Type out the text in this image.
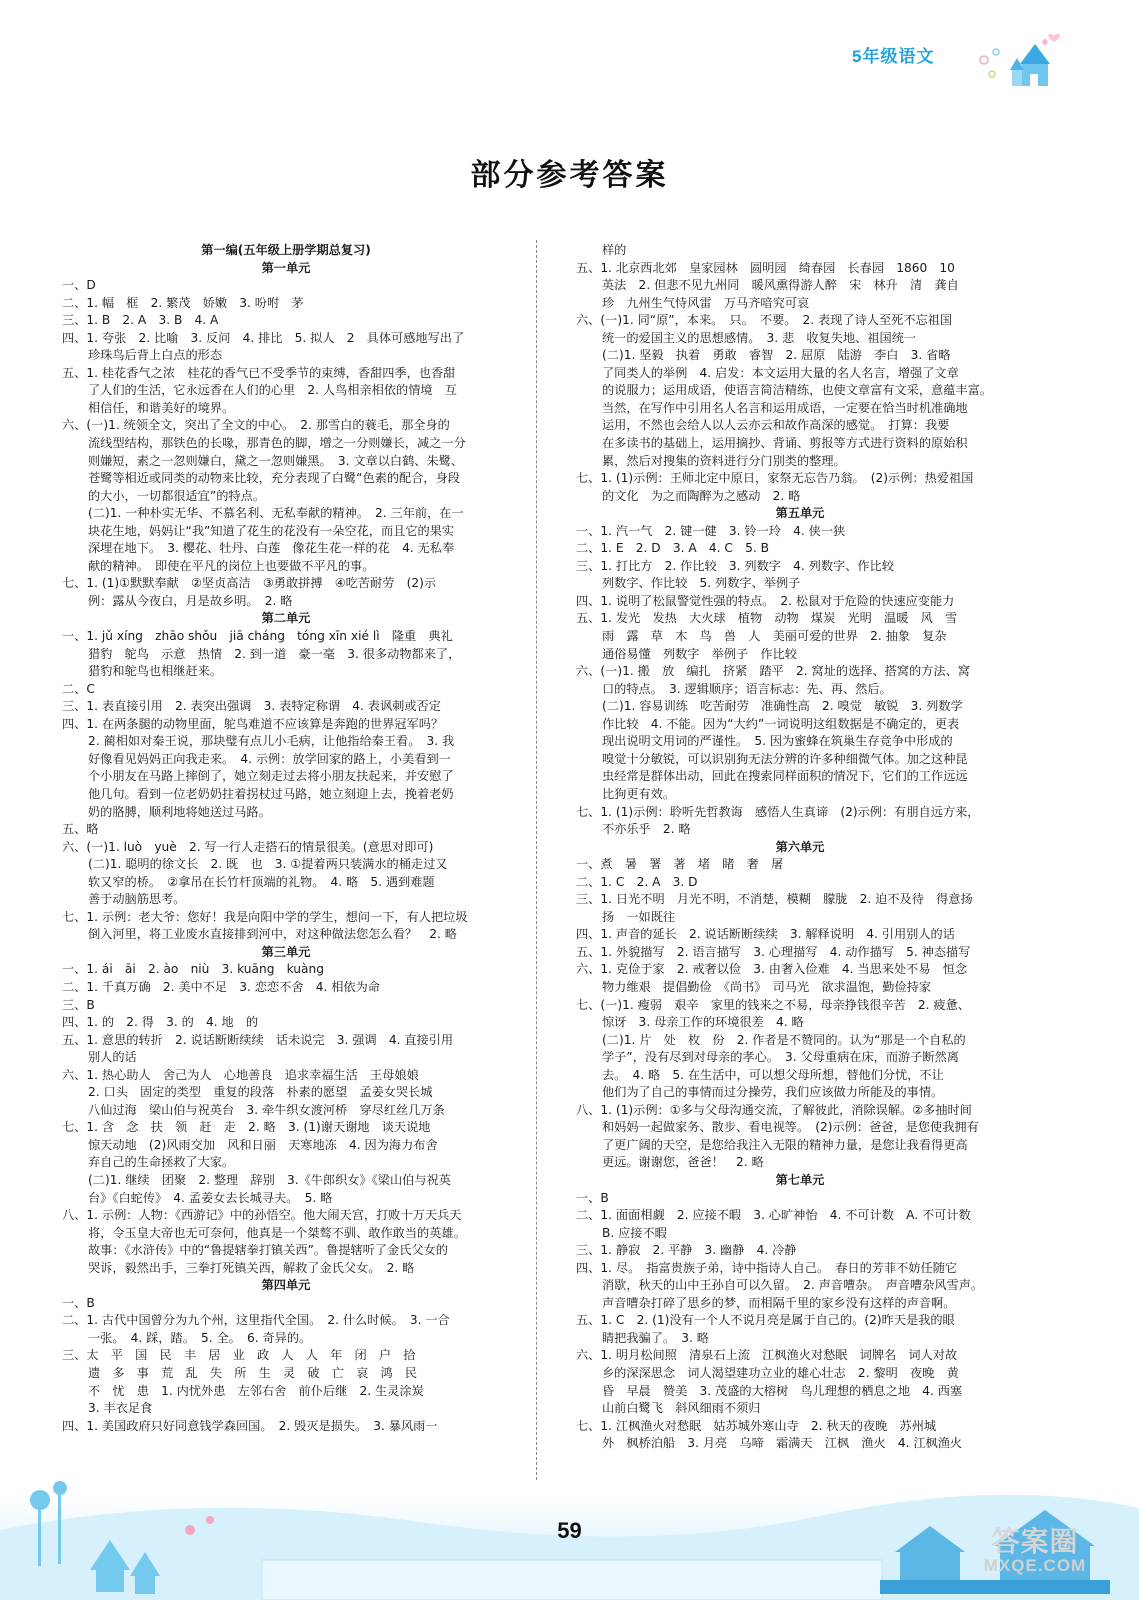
5年级语文
部分参考答案
第一编(五年级上册学期总复习)
第一单元
一、D
二、1. 幅　框　2. 繁茂　娇嫩　3. 吩咐　茅
三、1. B　2. A　3. B　4. A
四、1. 夸张　2. 比喻　3. 反问　4. 排比　5. 拟人　2　具体可感地写出了
珍珠鸟后背上白点的形态
五、1. 桂花香气之浓　桂花的香气已不受季节的束缚，香甜四季，也香甜
了人们的生活，它永远香在人们的心里　2. 人鸟相亲相依的情境　互
相信任，和谐美好的境界。
六、(一)1. 统领全文，突出了全文的中心。　2. 那雪白的蓑毛，那全身的
流线型结构，那铁色的长喙，那青色的脚，增之一分则嫌长，减之一分
则嫌短，素之一忽则嫌白，黛之一忽则嫌黑。　3. 文章以白鹤、朱鹭、
苍鹭等相近或同类的动物来比较，充分表现了白鹭“色素的配合，身段
的大小，一切都很适宜”的特点。
(二)1. 一种朴实无华、不慕名利、无私奉献的精神。　2. 三年前，在一
块花生地，妈妈让“我”知道了花生的花没有一朵空花，而且它的果实
深埋在地下。　3. 樱花、牡丹、白莲　像花生花一样的花　4. 无私奉
献的精神。　即使在平凡的岗位上也要做不平凡的事。
七、1. (1)①默默奉献　②坚贞高洁　③勇敢拼搏　④吃苦耐劳　(2)示
例：露从今夜白，月是故乡明。　2. 略
第二单元
一、1. jǔ xíng　zhāo shǒu　jiā cháng　tóng xīn xié lì　隆重　典礼
猎豹　鸵鸟　示意　热情　2. 到一道　豪一毫　3. 很多动物都来了，
猎豹和鸵鸟也相继赶来。
二、C
三、1. 表直接引用　2. 表突出强调　3. 表特定称谓　4. 表讽刺或否定
四、1. 在两条腿的动物里面，鸵鸟难道不应该算是奔跑的世界冠军吗？
2. 蔺相如对秦王说，那块璧有点儿小毛病，让他指给秦王看。　3. 我
好像看见妈妈正向我走来。　4. 示例：放学回家的路上，小美看到一
个小朋友在马路上摔倒了，她立刻走过去将小朋友扶起来，并安慰了
他几句。看到一位老奶奶拄着拐杖过马路，她立刻迎上去，挽着老奶
奶的胳膊，顺利地将她送过马路。
五、略
六、(一)1. luò　yuè　2. 写一行人走搭石的情景很美。(意思对即可)
(二)1. 聪明的徐文长　2. 既　也　3. ①提着两只装满水的桶走过又
软又窄的桥。　②拿吊在长竹杆顶端的礼物。　4. 略　5. 遇到难题
善于动脑筋思考。
七、1. 示例：老大爷：您好！我是向阳中学的学生，想问一下，有人把垃圾
倒入河里，将工业废水直接排到河中，对这种做法您怎么看？　2. 略
第三单元
一、1. ái　āi　2. ào　niù　3. kuāng　kuàng
二、1. 千真万确　2. 美中不足　3. 恋恋不舍　4. 相依为命
三、B
四、1. 的　2. 得　3. 的　4. 地　的
五、1. 意思的转折　2. 说话断断续续　话未说完　3. 强调　4. 直接引用
别人的话
六、1. 热心助人　舍己为人　心地善良　追求幸福生活　王母娘娘
2. 口头　固定的类型　重复的段落　朴素的愿望　孟姜女哭长城
八仙过海　梁山伯与祝英台　3. 牵牛织女渡河桥　穿尽红丝几万条
七、1. 含　念　扶　领　赶　走　2. 略　3. (1)谢天谢地　谈天说地
惊天动地　(2)风雨交加　风和日丽　天寒地冻　4. 因为海力布舍
弃自己的生命拯救了大家。
(二)1. 继续　团聚　2. 整理　辞别　3.《牛郎织女》《梁山伯与祝英
台》《白蛇传》　4. 孟姜女去长城寻夫。　5. 略
八、1. 示例：人物：《西游记》中的孙悟空。他大闹天宫，打败十万天兵天
将，令玉皇大帝也无可奈何，他真是一个桀骜不驯、敢作敢当的英雄。
故事：《水浒传》中的“鲁提辖拳打镇关西”。鲁提辖听了金氏父女的
哭诉，毅然出手，三拳打死镇关西，解救了金氏父女。　2. 略
第四单元
一、B
二、1. 古代中国曾分为九个州，这里指代全国。　2. 什么时候。　3. 一合
一张。　4. 踩，踏。　5. 全。　6. 奇异的。
三、太　平　国　民　丰　居　业　政　人　人　年　闭　户　拾
遗　多　事　荒　乱　失　所　生　灵　破　亡　哀　鸿　民
不　忧　患　1. 内忧外患　左邻右舍　前仆后继　2. 生灵涂炭
3. 丰衣足食
四、1. 美国政府只好同意钱学森回国。　2. 毁灭是损失。　3. 暴风雨一
样的
五、1. 北京西北郊　皇家园林　圆明园　绮春园　长春园　1860　10
英法　2. 但悲不见九州同　暖风熏得游人醉　宋　林升　清　龚自
珍　九州生气恃风雷　万马齐喑究可哀
六、(一)1. 同“原”，本来。　只。　不要。　2. 表现了诗人至死不忘祖国
统一的爱国主义的思想感情。　3. 悲　收复失地、祖国统一
(二)1. 坚毅　执着　勇敢　睿智　2. 屈原　陆游　李白　3. 省略
了同类人的举例　4. 启发：本文运用大量的名人名言，增强了文章
的说服力；运用成语，使语言简洁精练，也使文章富有文采，意蕴丰富。
当然，在写作中引用名人名言和运用成语，一定要在恰当时机准确地
运用，不然也会给人以人云亦云和故作高深的感觉。　打算：我要
在多读书的基础上，运用摘抄、背诵、剪报等方式进行资料的原始积
累，然后对搜集的资料进行分门别类的整理。
七、1. (1)示例：王师北定中原日，家祭无忘告乃翁。　(2)示例：热爱祖国
的文化　为之而陶醉为之感动　2. 略
第五单元
一、1. 汽一气　2. 键一健　3. 铃一玲　4. 侠一狭
二、1. E　2. D　3. A　4. C　5. B
三、1. 打比方　2. 作比较　3. 列数字　4. 列数字、作比较
列数字、作比较　5. 列数字、举例子
四、1. 说明了松鼠警觉性强的特点。　2. 松鼠对于危险的快速应变能力
五、1. 发光　发热　大火球　植物　动物　煤炭　光明　温暖　风　雪
雨　露　草　木　鸟　兽　人　美丽可爱的世界　2. 抽象　复杂
通俗易懂　列数字　举例子　作比较
六、(一)1. 搬　放　编扎　挤紧　踏平　2. 窝址的选择、搭窝的方法、窝
口的特点。　3. 逻辑顺序；语言标志：先、再、然后。
(二)1. 容易训练　吃苦耐劳　准确性高　2. 嗅觉　敏锐　3. 列数学
作比较　4. 不能。因为“大约”一词说明这组数据是不确定的，更表
现出说明文用词的严谨性。　5. 因为蜜蜂在筑巢生存竞争中形成的
嗅觉十分敏锐，可以识别狗无法分辨的许多种细微气体。加之这种昆
虫经常是群体出动，回此在搜索同样面积的情况下，它们的工作远远
比狗更有效。
七、1. (1)示例：聆听先哲教诲　感悟人生真谛　(2)示例：有朋自远方来，
不亦乐乎　2. 略
第六单元
一、煮　暑　署　著　堵　睹　奢　屠
二、1. C　2. A　3. D
三、1. 日光不明　月光不明，不消楚，模糊　朦胧　2. 迫不及待　得意扬
扬　一如既往
四、1. 声音的延长　2. 说话断断续续　3. 解释说明　4. 引用别人的话
五、1. 外貌描写　2. 语言描写　3. 心理描写　4. 动作描写　5. 神态描写
六、1. 克俭于家　2. 戒奢以俭　3. 由奢入俭难　4. 当思来处不易　恒念
物力维艰　提倡勤俭　《尚书》　司马光　欲求温饱，勤俭持家
七、(一)1. 瘦弱　艰辛　家里的钱来之不易，母亲挣钱很辛苦　2. 疲惫、
惊讶　3. 母亲工作的环境很差　4. 略
(二)1. 片　处　枚　份　2. 作者是不赞同的。认为“那是一个自私的
学子”，没有尽到对母亲的孝心。　3. 父母重病在床，而游子断然离
去。　4. 略　5. 在生活中，可以想父母所想，替他们分忧，不让
他们为了自己的事情而过分操劳，我们应该做力所能及的事情。
八、1. (1)示例：①多与父母沟通交流，了解彼此，消除误解。②多抽时间
和妈妈一起做家务、散步、看电视等。　(2)示例：爸爸，是您使我拥有
了更广阔的天空，是您给我注入无限的精神力量，是您让我看得更高
更远。谢谢您，爸爸！　2. 略
第七单元
一、B
二、1. 面面相觑　2. 应接不暇　3. 心旷神怡　4. 不可计数　A. 不可计数
B. 应接不暇
三、1. 静寂　2. 平静　3. 幽静　4. 冷静
四、1. 尽。　指富贵族子弟，诗中指诗人自己。　春日的芳菲不妨任随它
消歇，秋天的山中王孙自可以久留。　2. 声音嘈杂。　声音嘈杂风雪声。
声音嘈杂打碎了思乡的梦，而相隔千里的家乡没有这样的声音啊。
五、1. C　2. (1)没有一个人不说月亮是属于自己的。(2)昨天是我的眼
睛把我骗了。　3. 略
六、1. 明月松间照　清泉石上流　江枫渔火对愁眠　词牌名　词人对故
乡的深深思念　词人渴望建功立业的雄心壮志　2. 黎明　夜晚　黄
昏　早晨　赞美　3. 茂盛的大榕树　鸟儿理想的栖息之地　4. 西塞
山前白鹭飞　斜风细雨不须归
七、1. 江枫渔火对愁眠　姑苏城外寒山寺　2. 秋天的夜晚　苏州城
外　枫桥泊船　3. 月亮　乌啼　霜满天　江枫　渔火　4. 江枫渔火
59	答案圈
MXQE.COM
